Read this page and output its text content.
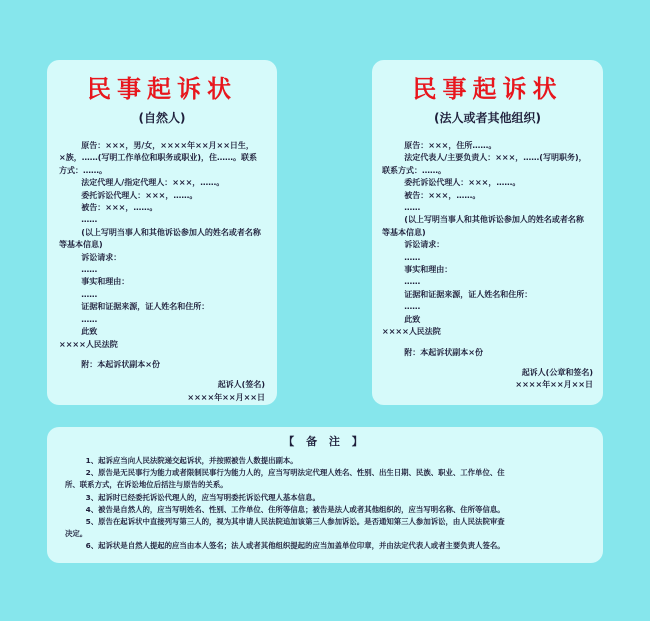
民事起诉状
(自然人)
原告：×××，男/女，××××年××月××日生，
×族，……(写明工作单位和职务或职业)，住……。联系
方式：……。
法定代理人/指定代理人：×××，……。
委托诉讼代理人：×××，……。
被告：×××，……。
……
(以上写明当事人和其他诉讼参加人的姓名或者名称
等基本信息)
诉讼请求：
……
事实和理由：
……
证据和证据来源，证人姓名和住所：
……
此致
××××人民法院
附：本起诉状副本×份
起诉人(签名)
××××年××月××日
民事起诉状
(法人或者其他组织)
原告：×××，住所……。
法定代表人/主要负责人：×××，……(写明职务)，
联系方式：……。
委托诉讼代理人：×××，……。
被告：×××，……。
……
(以上写明当事人和其他诉讼参加人的姓名或者名称
等基本信息)
诉讼请求：
……
事实和理由：
……
证据和证据来源，证人姓名和住所：
……
此致
××××人民法院
附：本起诉状副本×份
起诉人(公章和签名)
××××年××月××日
【 备 注 】
1、起诉应当向人民法院递交起诉状，并按照被告人数提出副本。
2、原告是无民事行为能力或者限制民事行为能力人的，应当写明法定代理人姓名、性别、出生日期、民族、职业、工作单位、住
所、联系方式，在诉讼地位后括注与原告的关系。
3、起诉时已经委托诉讼代理人的，应当写明委托诉讼代理人基本信息。
4、被告是自然人的，应当写明姓名、性别、工作单位、住所等信息；被告是法人或者其他组织的，应当写明名称、住所等信息。
5、原告在起诉状中直接列写第三人的，视为其申请人民法院追加该第三人参加诉讼。是否通知第三人参加诉讼，由人民法院审查
决定。
6、起诉状是自然人提起的应当由本人签名；法人或者其他组织提起的应当加盖单位印章，并由法定代表人或者主要负责人签名。
